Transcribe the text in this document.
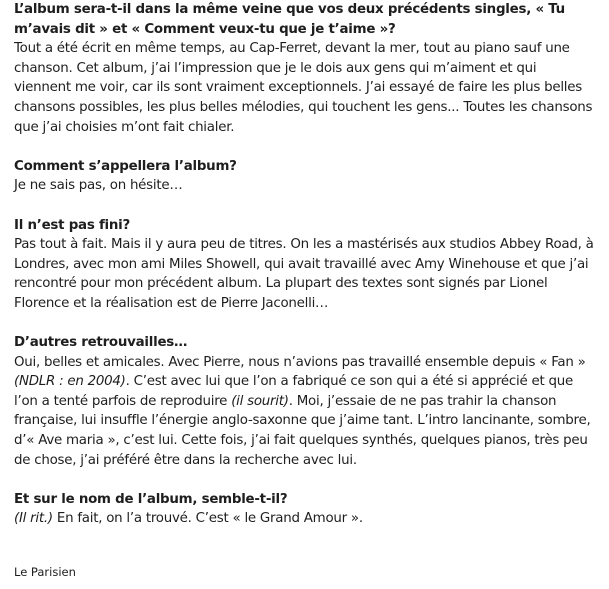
L’album sera-t-il dans la même veine que vos deux précédents singles, « Tu m’avais dit » et « Comment veux-tu que je t’aime »?

Tout a été écrit en même temps, au Cap-Ferret, devant la mer, tout au piano sauf une chanson. Cet album, j’ai l’impression que je le dois aux gens qui m’aiment et qui viennent me voir, car ils sont vraiment exceptionnels. J’ai essayé de faire les plus belles chansons possibles, les plus belles mélodies, qui touchent les gens... Toutes les chansons que j’ai choisies m’ont fait chialer.

Comment s’appellera l’album?

Je ne sais pas, on hésite…

Il n’est pas fini?

Pas tout à fait. Mais il y aura peu de titres. On les a mastérisés aux studios Abbey Road, à Londres, avec mon ami Miles Showell, qui avait travaillé avec Amy Winehouse et que j’ai rencontré pour mon précédent album. La plupart des textes sont signés par Lionel Florence et la réalisation est de Pierre Jaconelli…

D’autres retrouvailles…

Oui, belles et amicales. Avec Pierre, nous n’avions pas travaillé ensemble depuis « Fan » (NDLR : en 2004). C’est avec lui que l’on a fabriqué ce son qui a été si apprécié et que l’on a tenté parfois de reproduire (il sourit). Moi, j’essaie de ne pas trahir la chanson française, lui insuffle l’énergie anglo-saxonne que j’aime tant. L’intro lancinante, sombre, d’« Ave maria », c’est lui. Cette fois, j’ai fait quelques synthés, quelques pianos, très peu de chose, j’ai préféré être dans la recherche avec lui.

Et sur le nom de l’album, semble-t-il?

(Il rit.) En fait, on l’a trouvé. C’est « le Grand Amour ».

Le Parisien
